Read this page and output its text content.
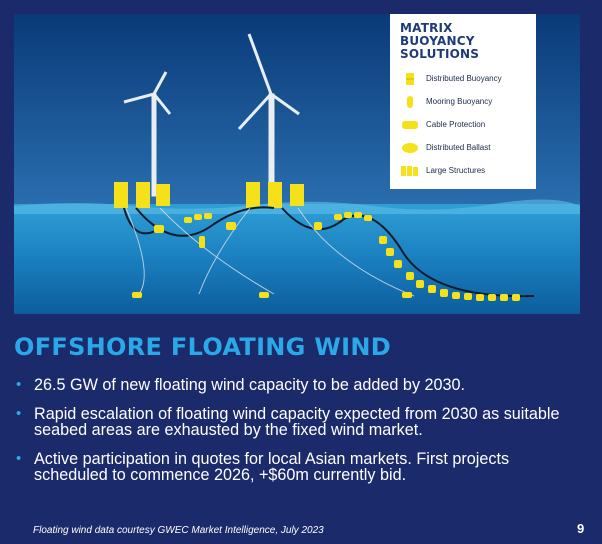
MATRIX BUOYANCY
SOLUTIONS
Distributed Buoyancy
Mooring Buoyancy
Cable Protection
Distributed Ballast
Large Structures
OFFSHORE FLOATING WIND
• 26.5 GW of new floating wind capacity to be added by 2030.
• Rapid escalation of floating wind capacity expected from 2030 as suitable seabed areas are exhausted by the fixed wind market.
• Active participation in quotes for local Asian markets. First projects scheduled to commence 2026, +$60m currently bid.
Floating wind data courtesy GWEC Market Intelligence, July 2023	9
